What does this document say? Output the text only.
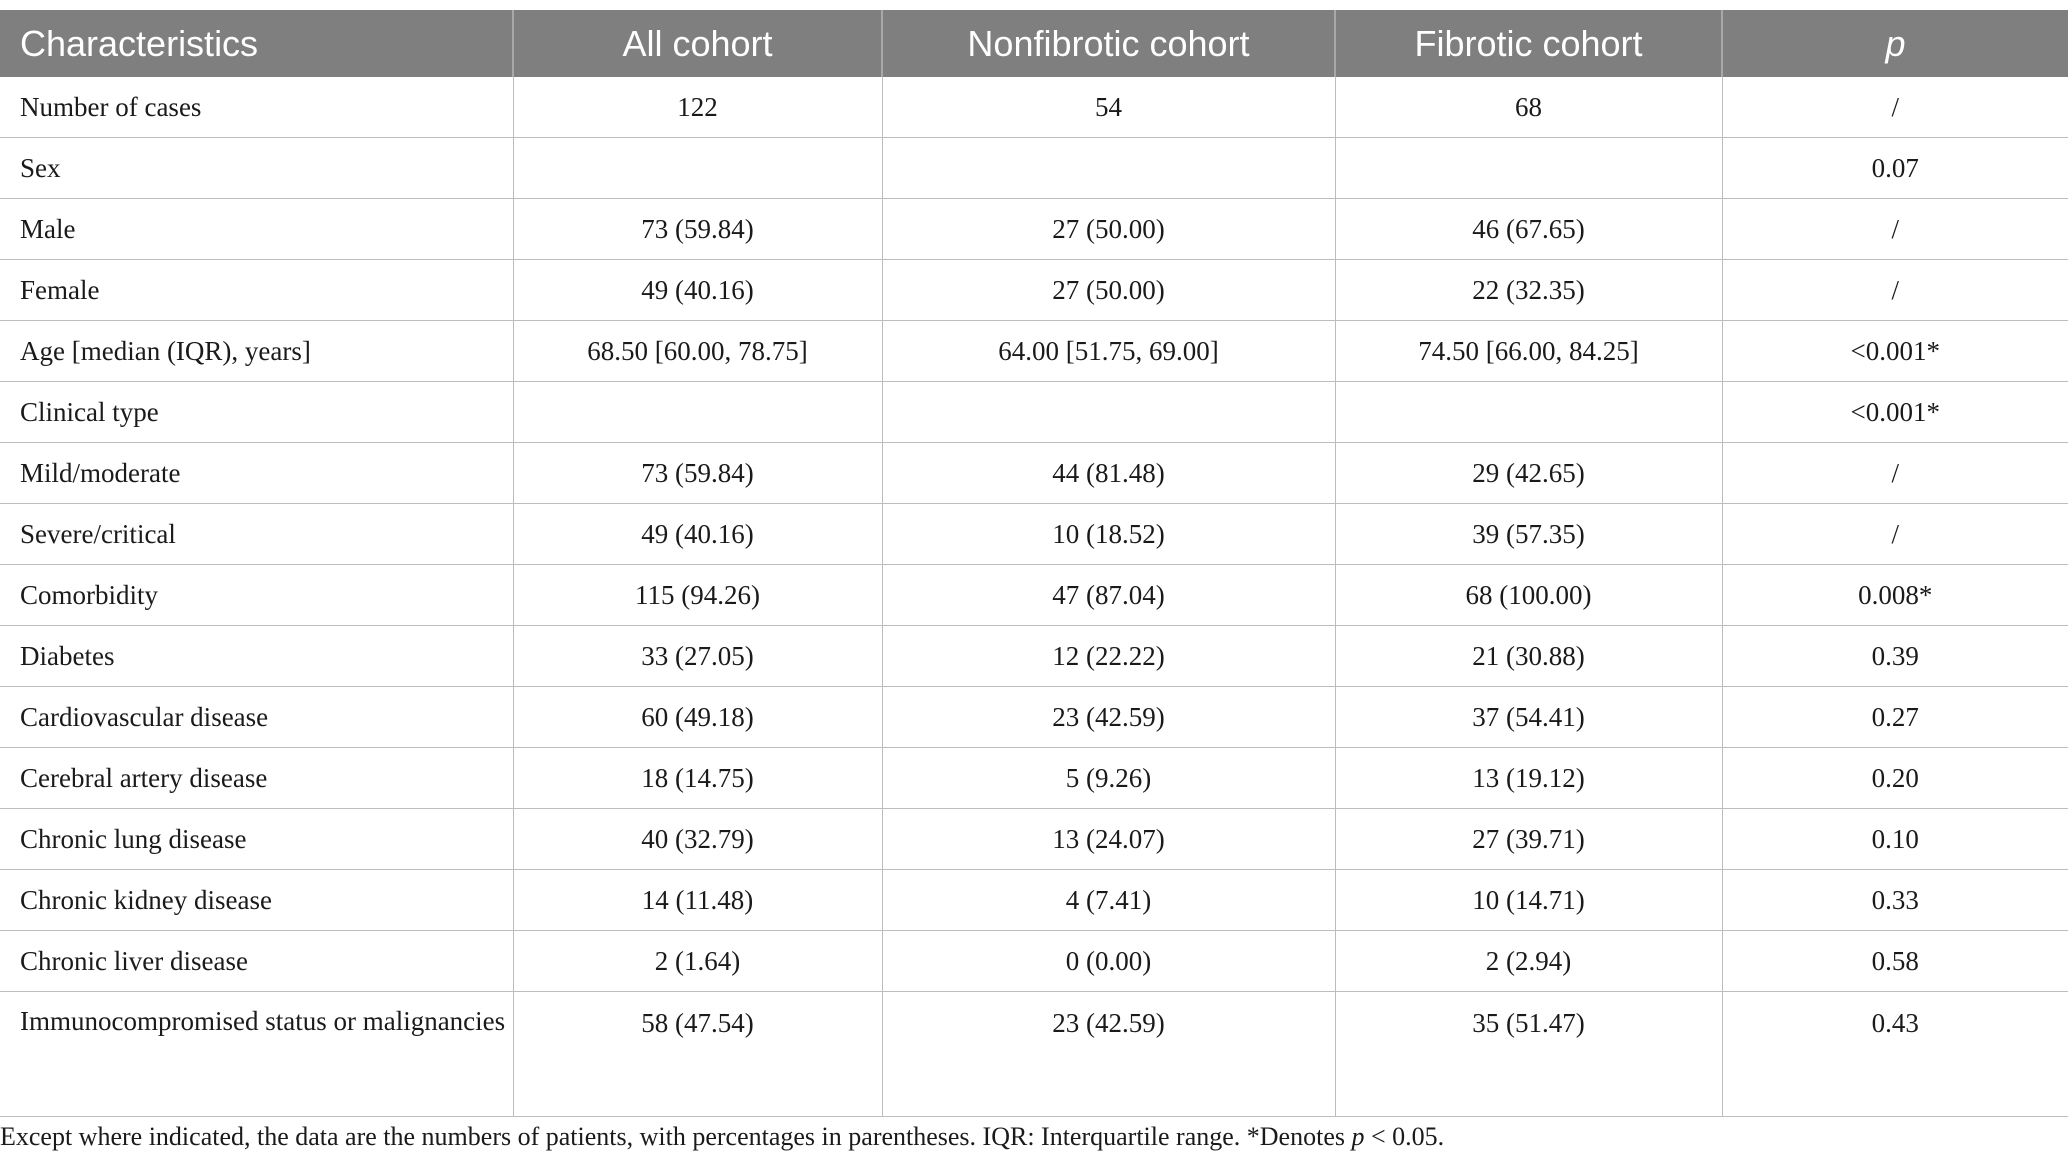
Characteristics	All cohort	Nonfibrotic cohort	Fibrotic cohort	p
Number of cases	122	54	68	/
Sex				0.07
Male	73 (59.84)	27 (50.00)	46 (67.65)	/
Female	49 (40.16)	27 (50.00)	22 (32.35)	/
Age [median (IQR), years]	68.50 [60.00, 78.75]	64.00 [51.75, 69.00]	74.50 [66.00, 84.25]	<0.001*
Clinical type				<0.001*
Mild/moderate	73 (59.84)	44 (81.48)	29 (42.65)	/
Severe/critical	49 (40.16)	10 (18.52)	39 (57.35)	/
Comorbidity	115 (94.26)	47 (87.04)	68 (100.00)	0.008*
Diabetes	33 (27.05)	12 (22.22)	21 (30.88)	0.39
Cardiovascular disease	60 (49.18)	23 (42.59)	37 (54.41)	0.27
Cerebral artery disease	18 (14.75)	5 (9.26)	13 (19.12)	0.20
Chronic lung disease	40 (32.79)	13 (24.07)	27 (39.71)	0.10
Chronic kidney disease	14 (11.48)	4 (7.41)	10 (14.71)	0.33
Chronic liver disease	2 (1.64)	0 (0.00)	2 (2.94)	0.58
Immunocompromised status or malignancies	58 (47.54)	23 (42.59)	35 (51.47)	0.43
Except where indicated, the data are the numbers of patients, with percentages in parentheses. IQR: Interquartile range. *Denotes p < 0.05.
